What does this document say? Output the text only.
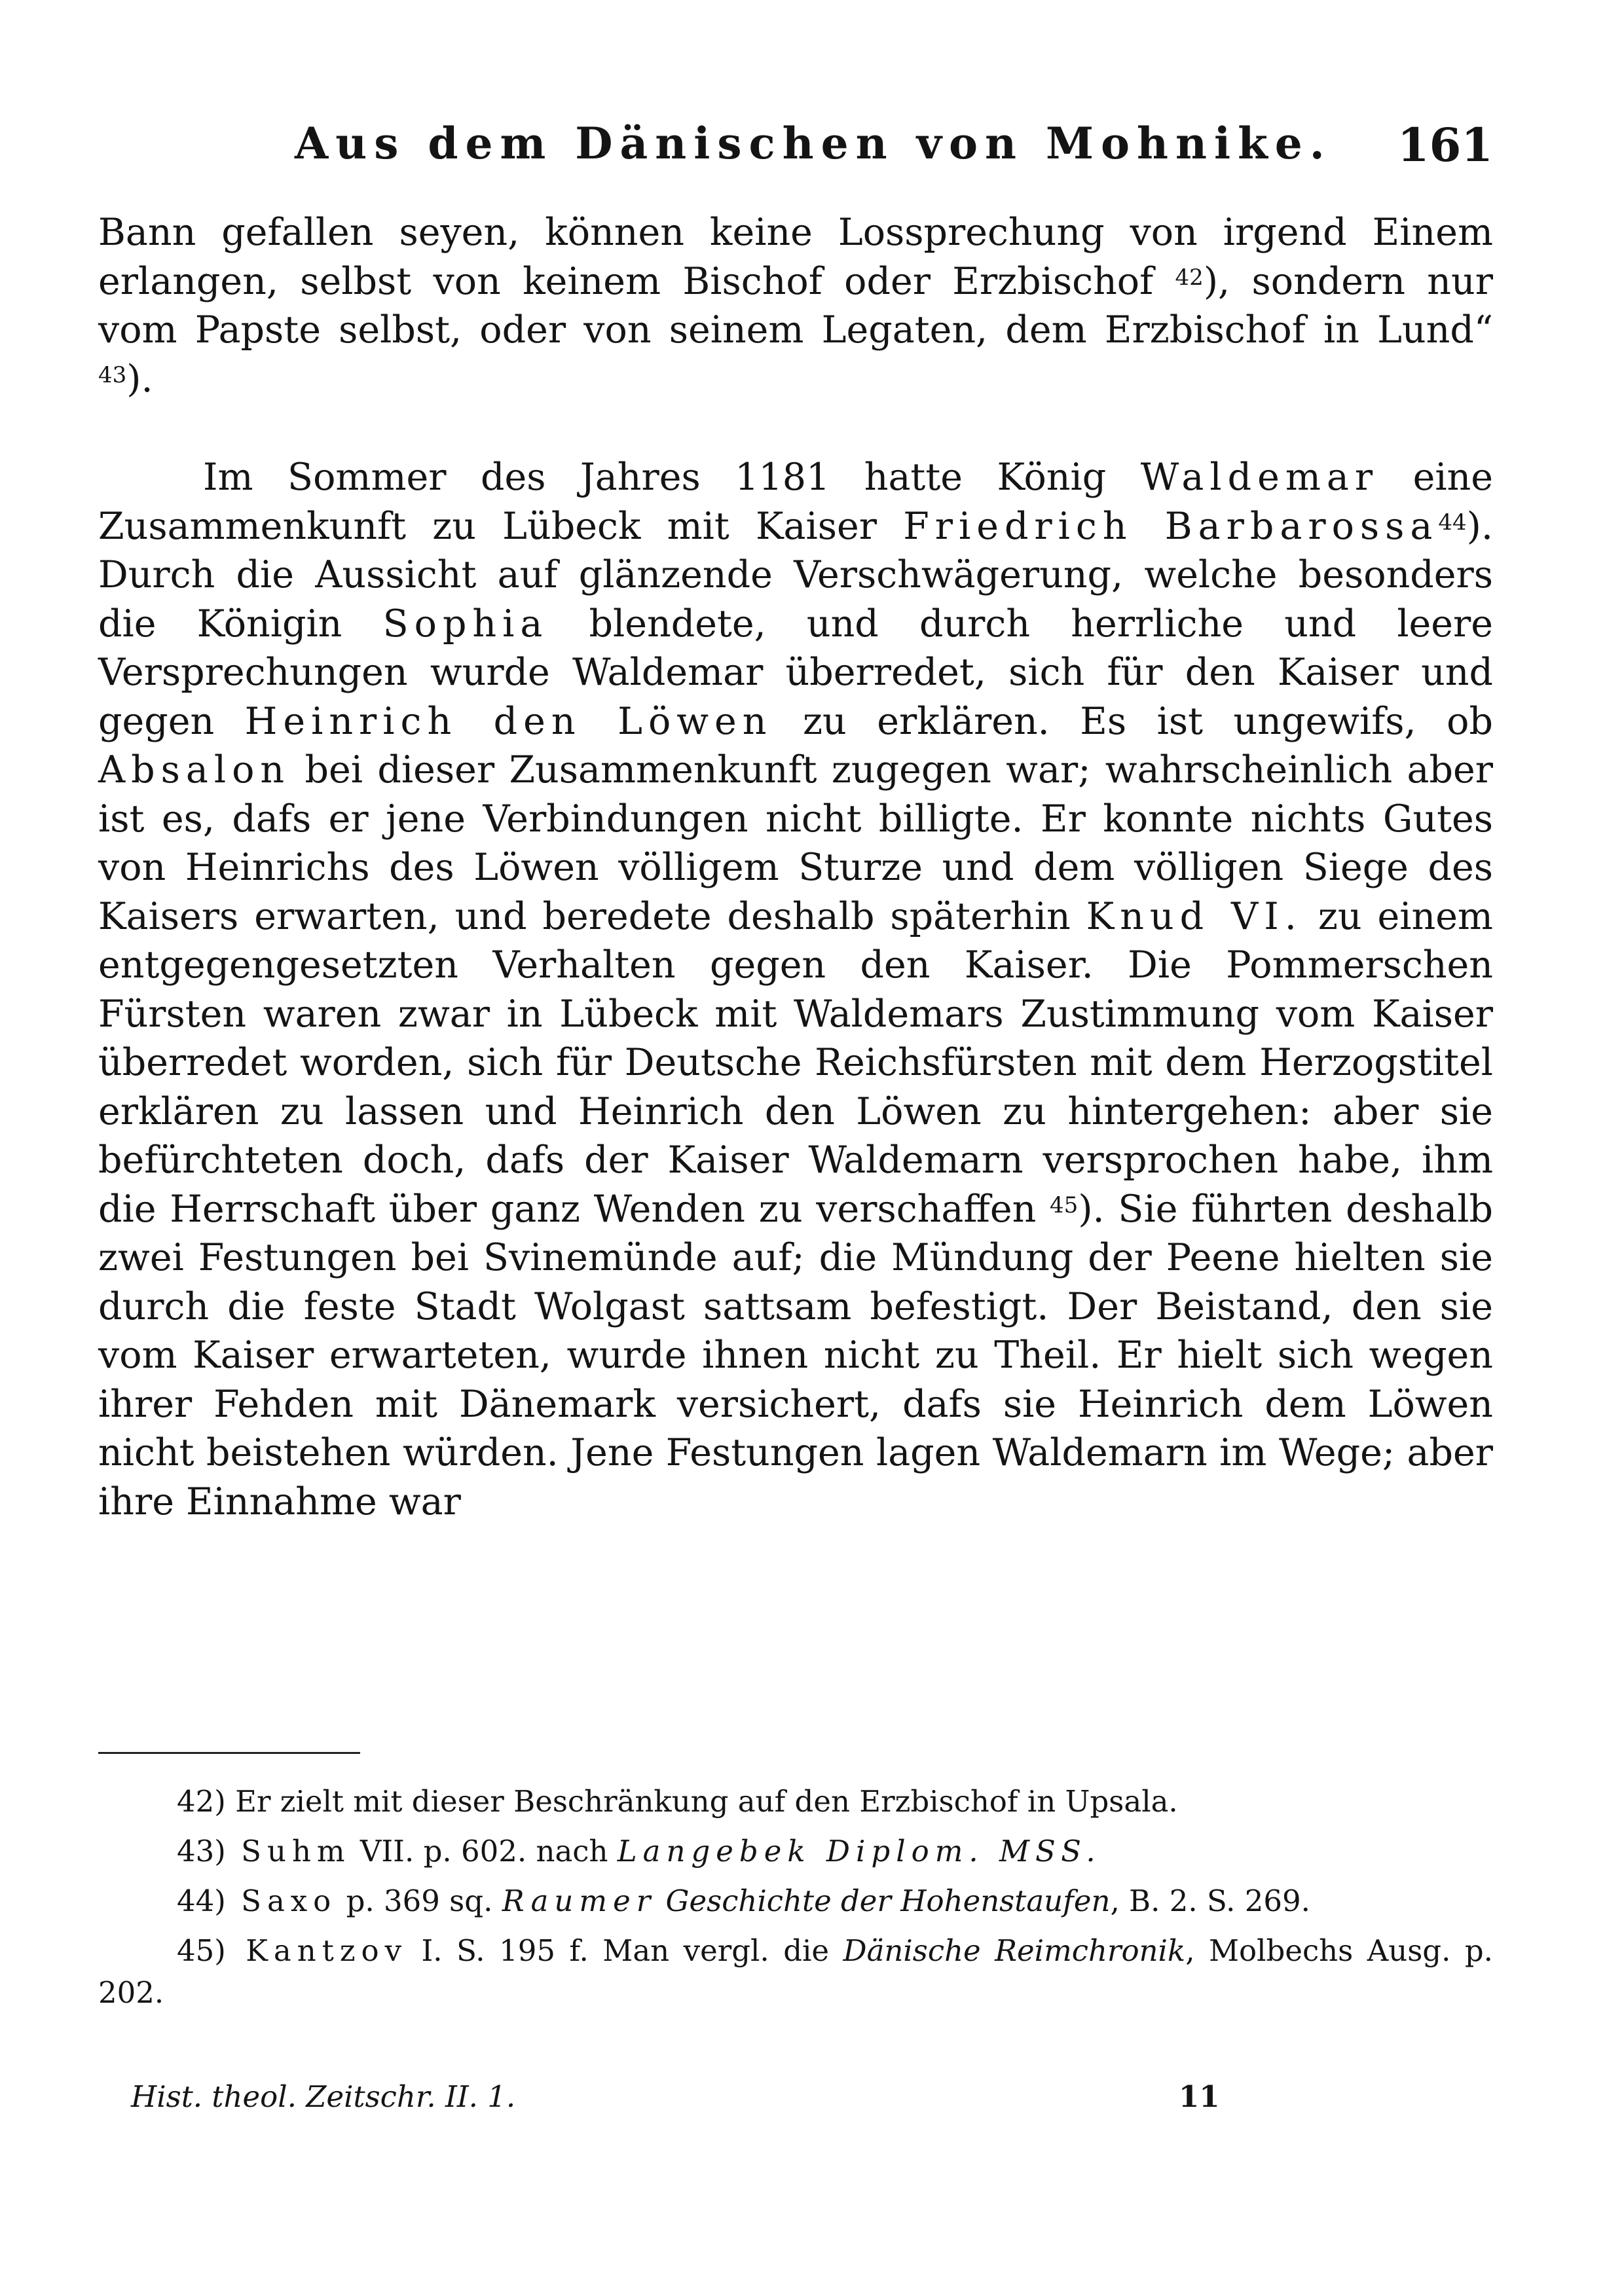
Aus dem Dänischen von Mohnike. 161

Bann gefallen seyen, können keine Lossprechung von irgend Einem erlangen, selbst von keinem Bischof oder Erzbischof $^{42}$), sondern nur vom Papste selbst, oder von seinem Legaten, dem Erzbischof in Lund“ $^{43}$).

Im Sommer des Jahres 1181 hatte König Waldemar eine Zusammenkunft zu Lübeck mit Kaiser Friedrich Barbarossa$^{44}$). Durch die Aussicht auf glänzende Verschwägerung, welche besonders die Königin Sophia blendete, und durch herrliche und leere Versprechungen wurde Waldemar überredet, sich für den Kaiser und gegen Heinrich den Löwen zu erklären. Es ist ungewifs, ob Absalon bei dieser Zusammenkunft zugegen war; wahrscheinlich aber ist es, dafs er jene Verbindungen nicht billigte. Er konnte nichts Gutes von Heinrichs des Löwen völligem Sturze und dem völligen Siege des Kaisers erwarten, und beredete deshalb späterhin Knud VI. zu einem entgegengesetzten Verhalten gegen den Kaiser. Die Pommerschen Fürsten waren zwar in Lübeck mit Waldemars Zustimmung vom Kaiser überredet worden, sich für Deutsche Reichsfürsten mit dem Herzogstitel erklären zu lassen und Heinrich den Löwen zu hintergehen: aber sie befürchteten doch, dafs der Kaiser Waldemarn versprochen habe, ihm die Herrschaft über ganz Wenden zu verschaffen $^{45}$). Sie führten deshalb zwei Festungen bei Svinemünde auf; die Mündung der Peene hielten sie durch die feste Stadt Wolgast sattsam befestigt. Der Beistand, den sie vom Kaiser erwarteten, wurde ihnen nicht zu Theil. Er hielt sich wegen ihrer Fehden mit Dänemark versichert, dafs sie Heinrich dem Löwen nicht beistehen würden. Jene Festungen lagen Waldemarn im Wege; aber ihre Einnahme war

42) Er zielt mit dieser Beschränkung auf den Erzbischof in Upsala.

43) Suhm VII. p. 602. nach Langebek Diplom. MSS.

44) Saxo p. 369 sq. Raumer Geschichte der Hohenstaufen, B. 2. S. 269.

45) Kantzov I. S. 195 f. Man vergl. die Dänische Reimchronik, Molbechs Ausg. p. 202.

Hist. theol. Zeitschr. II. 1.	11
